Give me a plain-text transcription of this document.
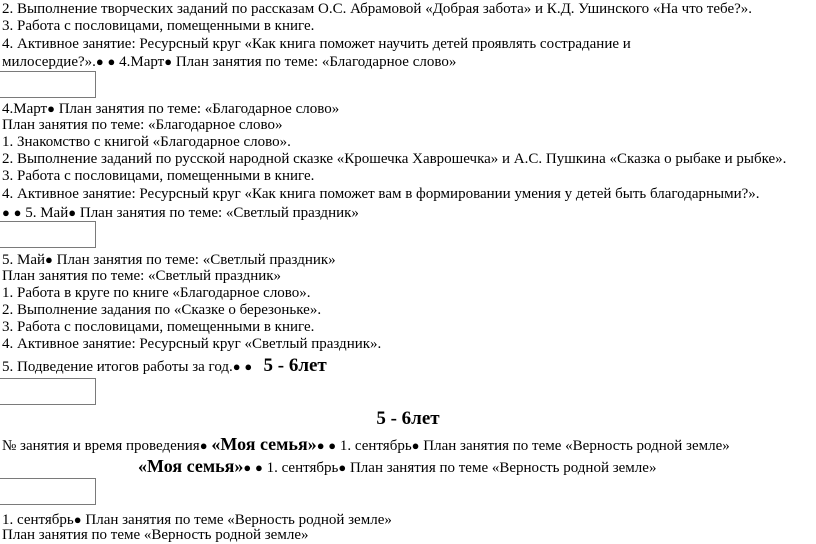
2. Выполнение творческих заданий по рассказам О.С. Абрамовой «Добрая забота» и К.Д. Ушинского «На что тебе?».
3. Работа с пословицами, помещенными в книге.
4. Активное занятие: Ресурсный круг «Как книга поможет научить детей проявлять сострадание и
милосердие?».● ● 4.Март● План занятия по теме: «Благодарное слово»
4.Март● План занятия по теме: «Благодарное слово»
План занятия по теме: «Благодарное слово»
1. Знакомство с книгой «Благодарное слово».
2. Выполнение заданий по русской народной сказке «Крошечка Хаврошечка» и А.С. Пушкина «Сказка о рыбаке и рыбке».
3. Работа с пословицами, помещенными в книге.
4. Активное занятие: Ресурсный круг «Как книга поможет вам в формировании умения у детей быть благодарными?».
● ● 5. Май● План занятия по теме: «Светлый праздник»
5. Май● План занятия по теме: «Светлый праздник»
План занятия по теме: «Светлый праздник»
1. Работа в круге по книге «Благодарное слово».
2. Выполнение задания по «Сказке о березоньке».
3. Работа с пословицами, помещенными в книге.
4. Активное занятие: Ресурсный круг «Светлый праздник».
5. Подведение итогов работы за год.● ● 5 - 6лет
5 - 6лет
№ занятия и время проведения● «Моя семья»● ● 1. сентябрь● План занятия по теме «Верность родной земле»
«Моя семья»● ● 1. сентябрь● План занятия по теме «Верность родной земле»
1. сентябрь● План занятия по теме «Верность родной земле»
План занятия по теме «Верность родной земле»
